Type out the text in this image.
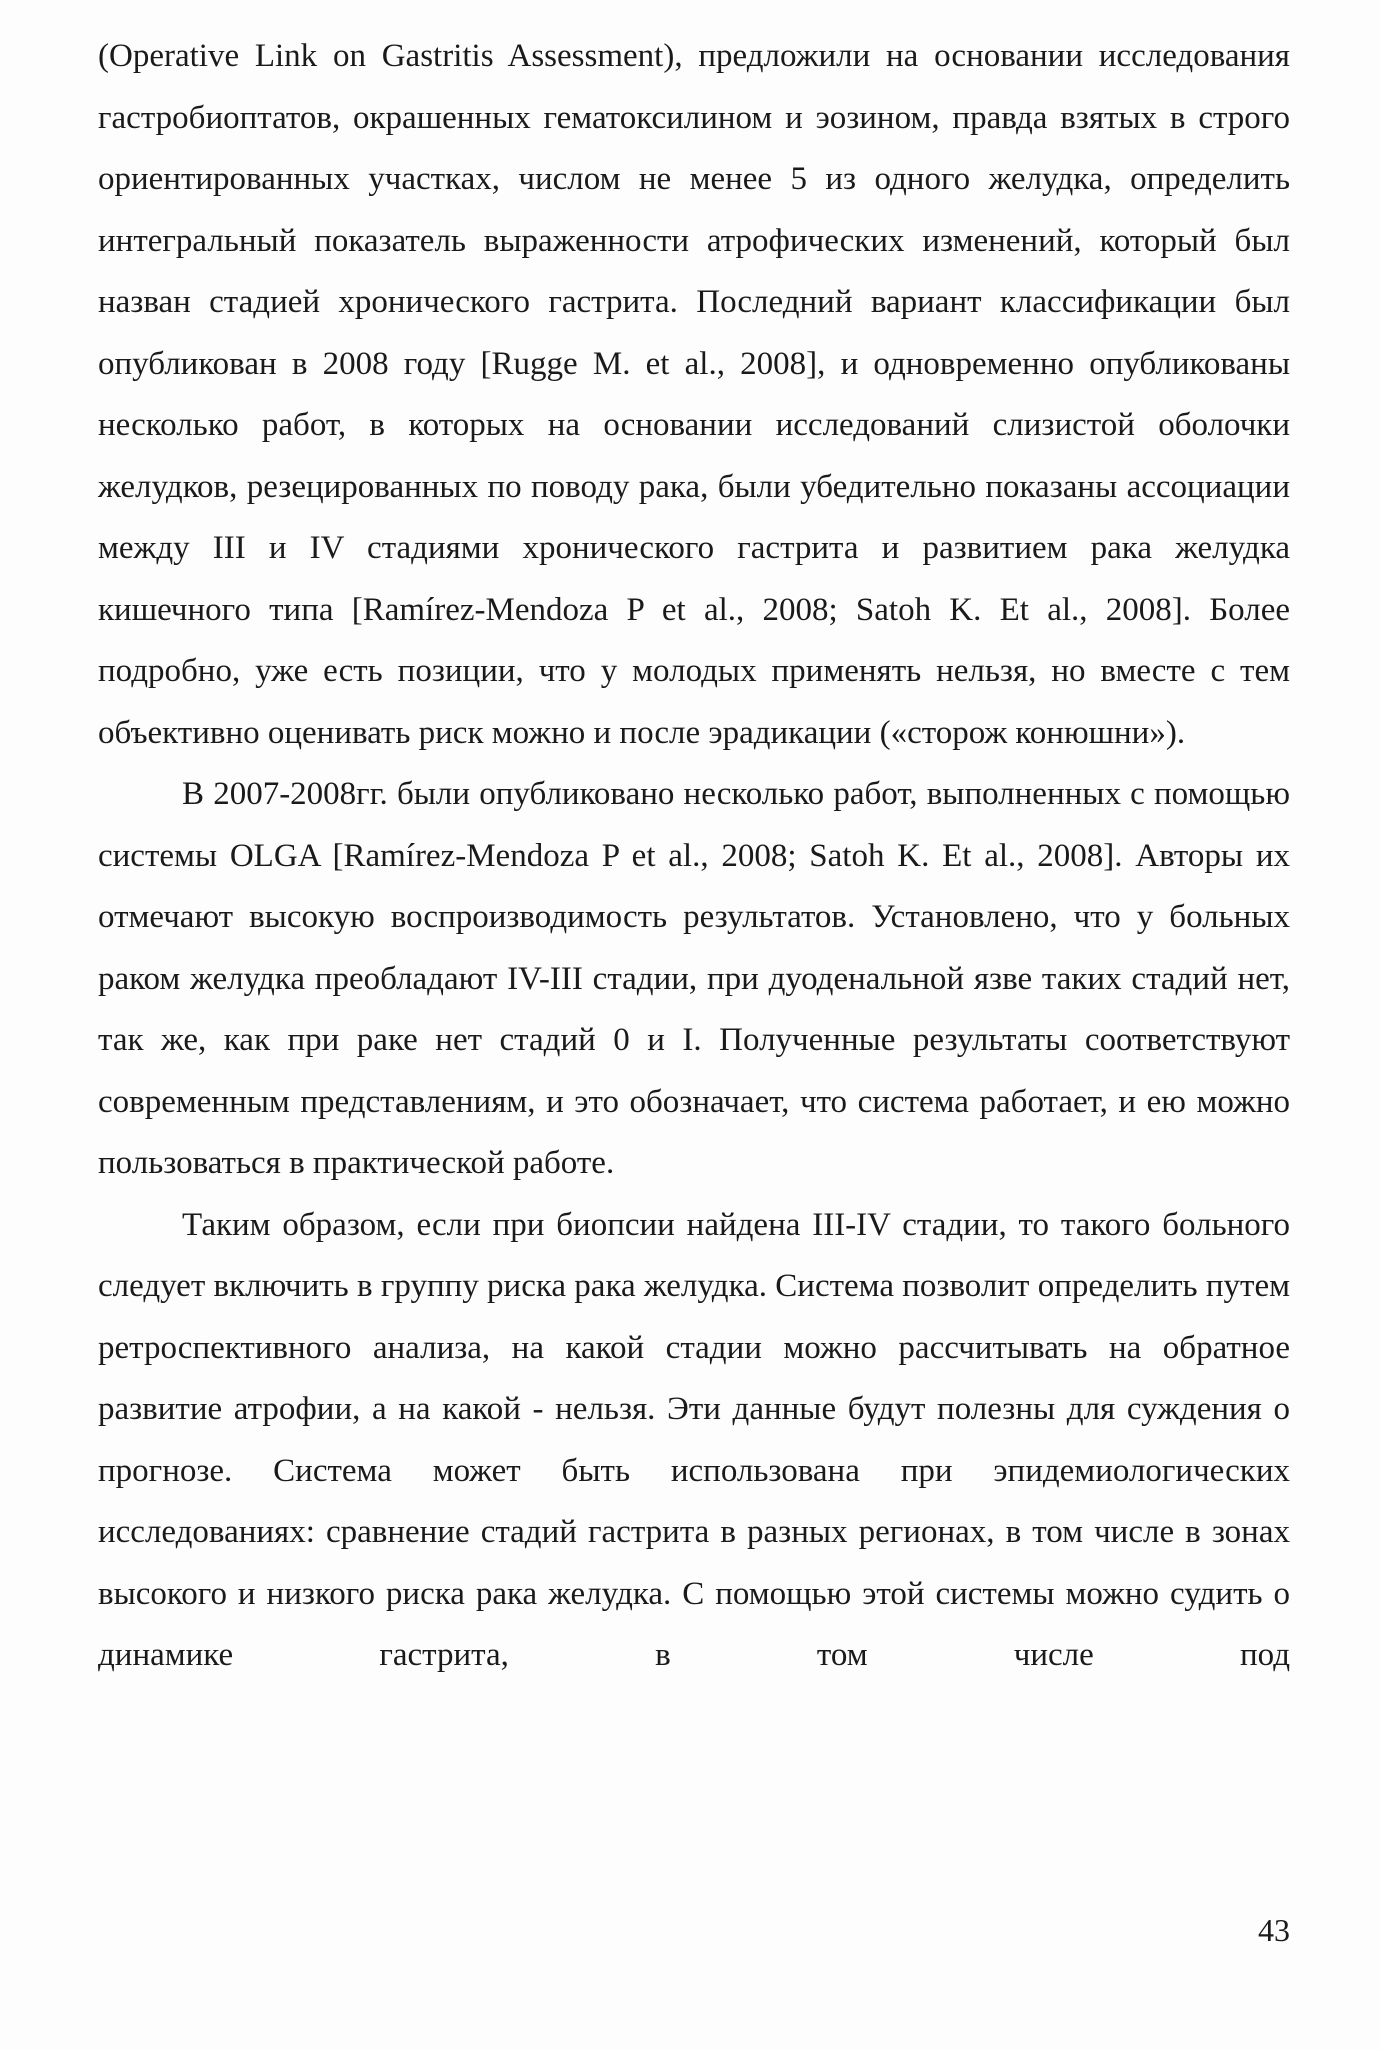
(Operative Link on Gastritis Assessment), предложили на основании исследования гастробиоптатов, окрашенных гематоксилином и эозином, правда взятых в строго ориентированных участках, числом не менее 5 из одного желудка, определить интегральный показатель выраженности атрофических изменений, который был назван стадией хронического гастрита. Последний вариант классификации был опубликован в 2008 году [Rugge M. et al., 2008], и одновременно опубликованы несколько работ, в которых на основании исследований слизистой оболочки желудков, резецированных по поводу рака, были убедительно показаны ассоциации между III и IV стадиями хронического гастрита и развитием рака желудка кишечного типа [Ramírez-Mendoza P et al., 2008; Satoh K. Et al., 2008]. Более подробно, уже есть позиции, что у молодых применять нельзя, но вместе с тем объективно оценивать риск можно и после эрадикации («сторож конюшни»).

В 2007-2008гг. были опубликовано несколько работ, выполненных с помощью системы OLGA [Ramírez-Mendoza P et al., 2008; Satoh K. Et al., 2008]. Авторы их отмечают высокую воспроизводимость результатов. Установлено, что у больных раком желудка преобладают IV-III стадии, при дуоденальной язве таких стадий нет, так же, как при раке нет стадий 0 и I. Полученные результаты соответствуют современным представлениям, и это обозначает, что система работает, и ею можно пользоваться в практической работе.

Таким образом, если при биопсии найдена III-IV стадии, то такого больного следует включить в группу риска рака желудка. Система позволит определить путем ретроспективного анализа, на какой стадии можно рассчитывать на обратное развитие атрофии, а на какой - нельзя. Эти данные будут полезны для суждения о прогнозе. Система может быть использована при эпидемиологических исследованиях: сравнение стадий гастрита в разных регионах, в том числе в зонах высокого и низкого риска рака желудка. С помощью этой системы можно судить о динамике гастрита, в том числе под

43
